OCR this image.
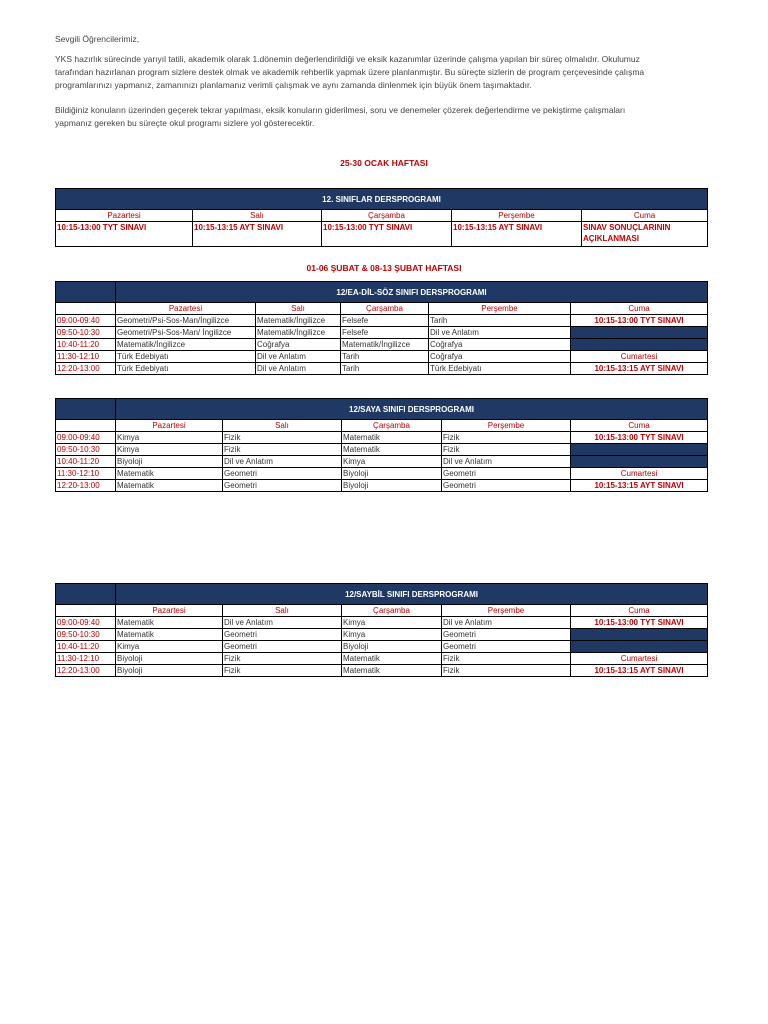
Sevgili Öğrencilerimiz,
YKS hazırlık sürecinde yarıyıl tatili, akademik olarak 1.dönemin değerlendirildiği ve eksik kazanımlar üzerinde çalışma yapılan bir süreç olmalıdır. Okulumuz
tarafından hazırlanan program sizlere destek olmak ve akademik rehberlik yapmak üzere planlanmıştır. Bu süreçte sizlerin de program çerçevesinde çalışma
programlarınızı yapmanız, zamanınızı planlamanız verimli çalışmak ve aynı zamanda dinlenmek için büyük önem taşımaktadır.
Bildiğiniz konuların üzerinden geçerek tekrar yapılması, eksik konuların giderilmesi, soru ve denemeler çözerek değerlendirme ve pekiştirme çalışmaları
yapmanız gereken bu süreçte okul programı sizlere yol gösterecektir.
25-30 OCAK HAFTASI
12. SINIFLAR DERSPROGRAMI				
Pazartesi	Salı	Çarşamba	Perşembe	Cuma
10:15-13:00 TYT SINAVI	10:15-13:15 AYT SINAVI	10:15-13:00 TYT SINAVI	10:15-13:15 AYT SINAVI	SINAV SONUÇLARININ
AÇIKLANMASI
01-06 ŞUBAT & 08-13 ŞUBAT HAFTASI
	12/EA-DİL-SÖZ SINIFI DERSPROGRAMI				
	Pazartesi	Salı	Çarşamba	Perşembe	Cuma
09:00-09:40	Geometri/Psi-Sos-Man/İngilizce	Matematik/İngilizce	Felsefe	Tarih	10:15-13:00 TYT SINAVI
09:50-10:30	Geometri/Psi-Sos-Man/ İngilizce	Matematik/İngilizce	Felsefe	Dil ve Anlatım	
10:40-11:20	Matematik/İngilizce	Coğrafya	Matematik/İngilizce	Coğrafya	
11:30-12:10	Türk Edebiyatı	Dil ve Anlatım	Tarih	Coğrafya	Cumartesi
12:20-13:00	Türk Edebiyatı	Dil ve Anlatım	Tarih	Türk Edebiyatı	10:15-13:15 AYT SINAVI
	12/SAYA SINIFI DERSPROGRAMI				
	Pazartesi	Salı	Çarşamba	Perşembe	Cuma
09:00-09:40	Kimya	Fizik	Matematik	Fizik	10:15-13:00 TYT SINAVI
09:50-10:30	Kimya	Fizik	Matematik	Fizik	
10:40-11:20	Biyoloji	Dil ve Anlatım	Kimya	Dil ve Anlatım	
11:30-12:10	Matematik	Geometri	Biyoloji	Geometri	Cumartesi
12:20-13:00	Matematik	Geometri	Biyoloji	Geometri	10:15-13:15 AYT SINAVI
	12/SAYBİL SINIFI DERSPROGRAMI				
	Pazartesi	Salı	Çarşamba	Perşembe	Cuma
09:00-09:40	Matematik	Dil ve Anlatım	Kimya	Dil ve Anlatım	10:15-13:00 TYT SINAVI
09:50-10:30	Matematik	Geometri	Kimya	Geometri	
10:40-11:20	Kimya	Geometri	Biyoloji	Geometri	
11:30-12:10	Biyoloji	Fizik	Matematik	Fizik	Cumartesi
12:20-13:00	Biyoloji	Fizik	Matematik	Fizik	10:15-13:15 AYT SINAVI
